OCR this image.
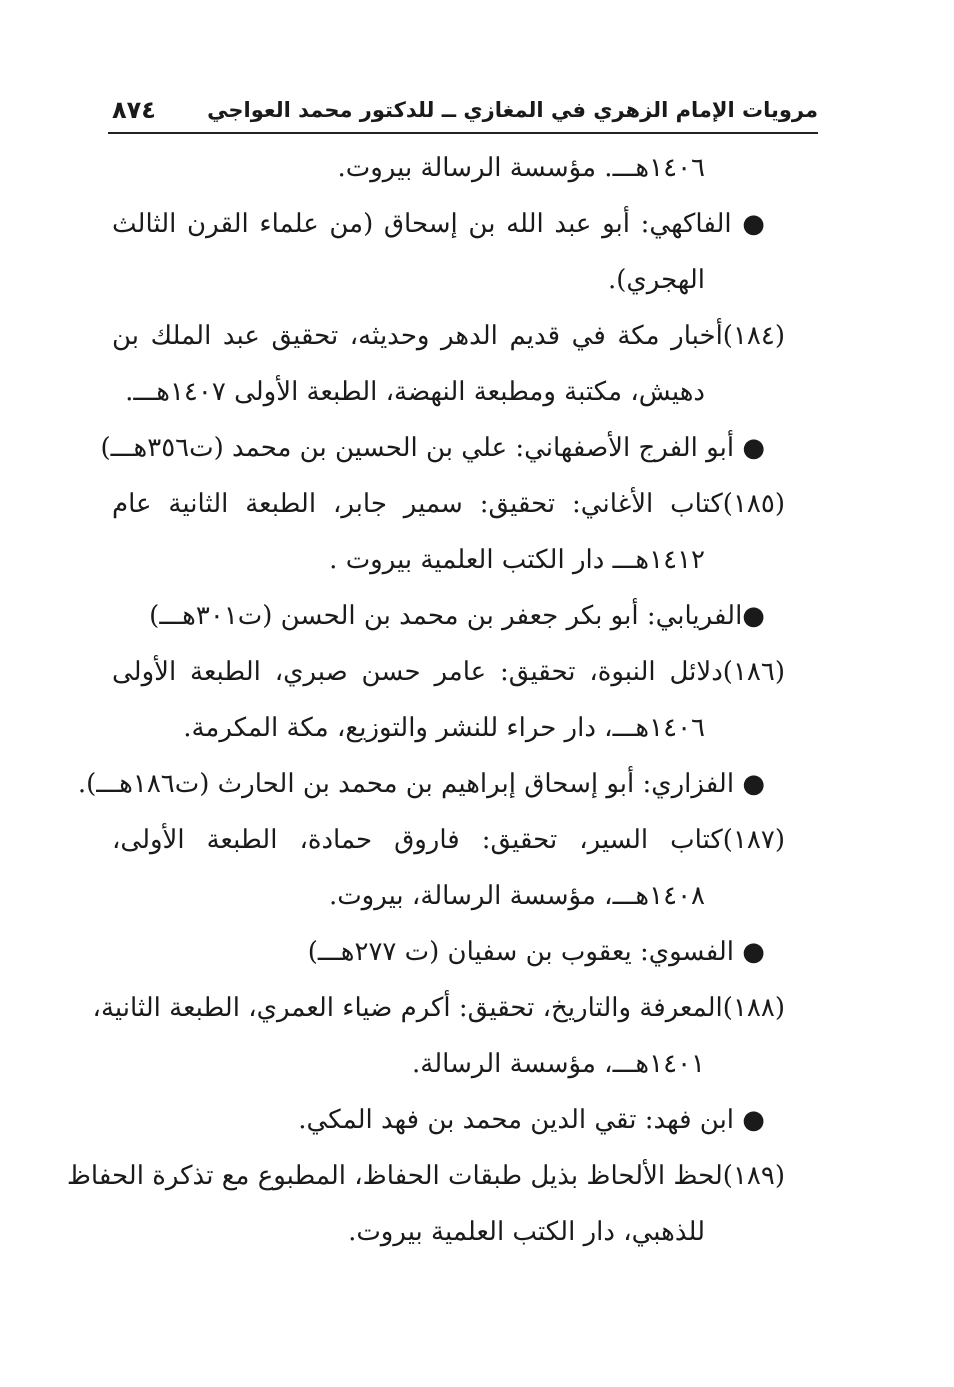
مرويات الإمام الزهري في المغازي ــ للدكتور محمد العواجي
٨٧٤
١٤٠٦هـــ. مؤسسة الرسالة بيروت.
● الفاكهي: أبو عبد الله بن إسحاق (من علماء القرن الثالث
الهجري).
(١٨٤)أخبار مكة في قديم الدهر وحديثه، تحقيق عبد الملك بن
دهيش، مكتبة ومطبعة النهضة، الطبعة الأولى ١٤٠٧هـــ.
● أبو الفرج الأصفهاني: علي بن الحسين بن محمد (ت٣٥٦هـــ)
(١٨٥)كتاب الأغاني: تحقيق: سمير جابر، الطبعة الثانية عام
١٤١٢هـــ دار الكتب العلمية بيروت .
●الفريابي: أبو بكر جعفر بن محمد بن الحسن (ت٣٠١هـــ)
(١٨٦)دلائل النبوة، تحقيق: عامر حسن صبري، الطبعة الأولى
١٤٠٦هـــ، دار حراء للنشر والتوزيع، مكة المكرمة.
● الفزاري: أبو إسحاق إبراهيم بن محمد بن الحارث (ت١٨٦هـــ).
(١٨٧)كتاب السير، تحقيق: فاروق حمادة، الطبعة الأولى،
١٤٠٨هـــ، مؤسسة الرسالة، بيروت.
● الفسوي: يعقوب بن سفيان (ت ٢٧٧هـــ)
(١٨٨)المعرفة والتاريخ، تحقيق: أكرم ضياء العمري، الطبعة الثانية،
١٤٠١هـــ، مؤسسة الرسالة.
● ابن فهد: تقي الدين محمد بن فهد المكي.
(١٨٩)لحظ الألحاظ بذيل طبقات الحفاظ، المطبوع مع تذكرة الحفاظ
للذهبي، دار الكتب العلمية بيروت.
